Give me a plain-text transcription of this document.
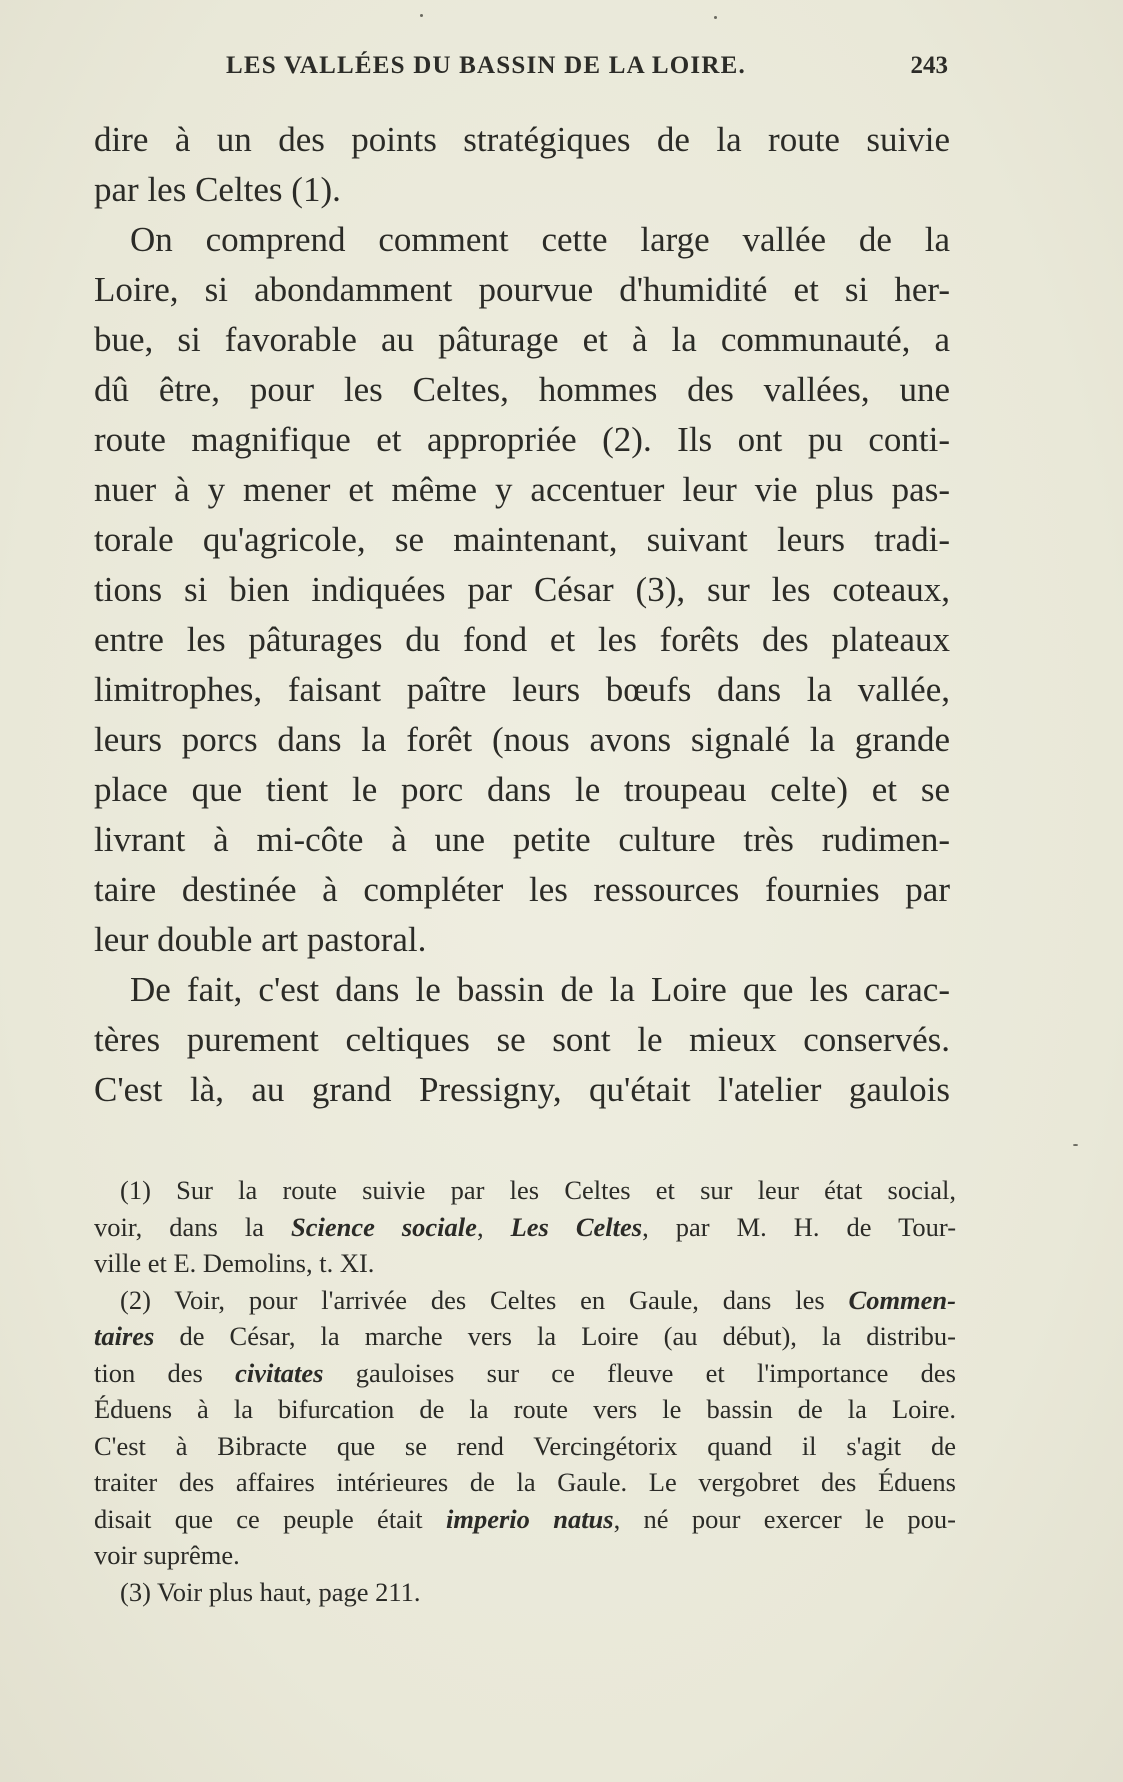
LES VALLÉES DU BASSIN DE LA LOIRE.	243
dire à un des points stratégiques de la route suivie
par les Celtes (1).
On comprend comment cette large vallée de la
Loire, si abondamment pourvue d'humidité et si her-
bue, si favorable au pâturage et à la communauté, a
dû être, pour les Celtes, hommes des vallées, une
route magnifique et appropriée (2). Ils ont pu conti-
nuer à y mener et même y accentuer leur vie plus pas-
torale qu'agricole, se maintenant, suivant leurs tradi-
tions si bien indiquées par César (3), sur les coteaux,
entre les pâturages du fond et les forêts des plateaux
limitrophes, faisant paître leurs bœufs dans la vallée,
leurs porcs dans la forêt (nous avons signalé la grande
place que tient le porc dans le troupeau celte) et se
livrant à mi-côte à une petite culture très rudimen-
taire destinée à compléter les ressources fournies par
leur double art pastoral.
De fait, c'est dans le bassin de la Loire que les carac-
tères purement celtiques se sont le mieux conservés.
C'est là, au grand Pressigny, qu'était l'atelier gaulois
(1) Sur la route suivie par les Celtes et sur leur état social,
voir, dans la Science sociale, Les Celtes, par M. H. de Tour-
ville et E. Demolins, t. XI.
(2) Voir, pour l'arrivée des Celtes en Gaule, dans les Commen-
taires de César, la marche vers la Loire (au début), la distribu-
tion des civitates gauloises sur ce fleuve et l'importance des
Éduens à la bifurcation de la route vers le bassin de la Loire.
C'est à Bibracte que se rend Vercingétorix quand il s'agit de
traiter des affaires intérieures de la Gaule. Le vergobret des Éduens
disait que ce peuple était imperio natus, né pour exercer le pou-
voir suprême.
(3) Voir plus haut, page 211.
